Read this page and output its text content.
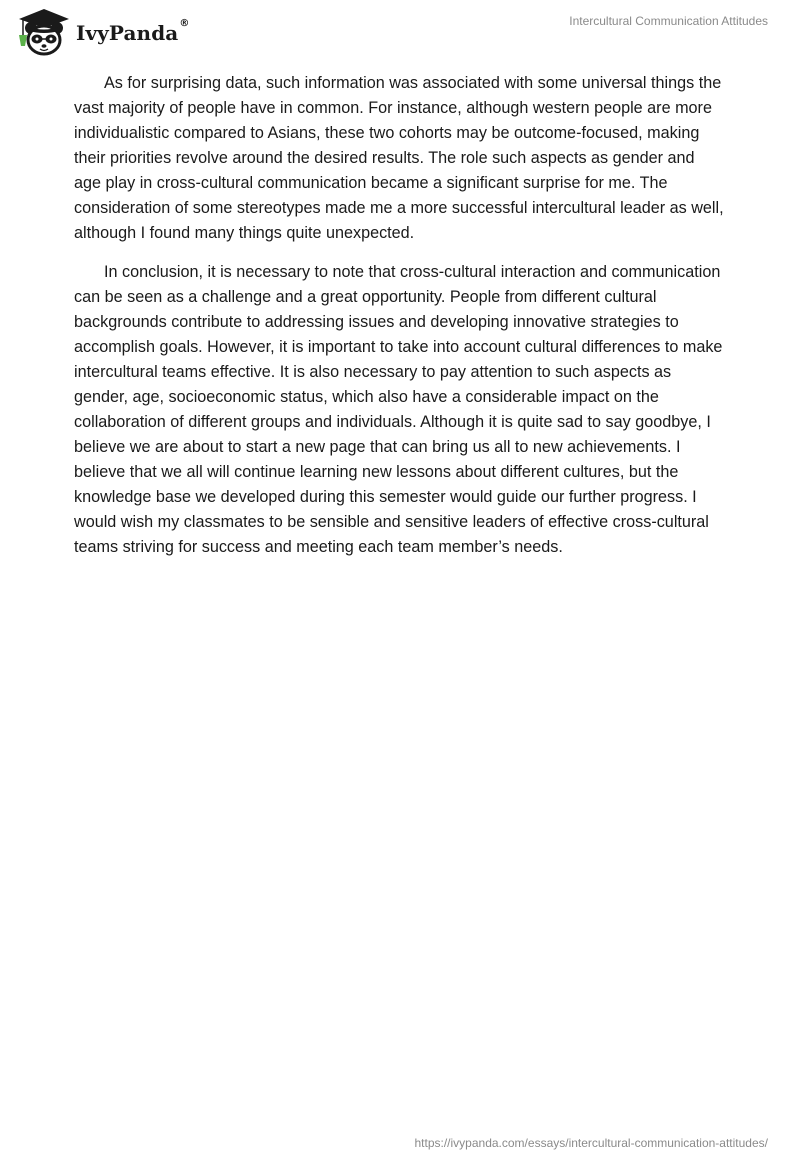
IvyPanda®	Intercultural Communication Attitudes

As for surprising data, such information was associated with some universal things the vast majority of people have in common. For instance, although western people are more individualistic compared to Asians, these two cohorts may be outcome-focused, making their priorities revolve around the desired results. The role such aspects as gender and age play in cross-cultural communication became a significant surprise for me. The consideration of some stereotypes made me a more successful intercultural leader as well, although I found many things quite unexpected.

In conclusion, it is necessary to note that cross-cultural interaction and communication can be seen as a challenge and a great opportunity. People from different cultural backgrounds contribute to addressing issues and developing innovative strategies to accomplish goals. However, it is important to take into account cultural differences to make intercultural teams effective. It is also necessary to pay attention to such aspects as gender, age, socioeconomic status, which also have a considerable impact on the collaboration of different groups and individuals. Although it is quite sad to say goodbye, I believe we are about to start a new page that can bring us all to new achievements. I believe that we all will continue learning new lessons about different cultures, but the knowledge base we developed during this semester would guide our further progress. I would wish my classmates to be sensible and sensitive leaders of effective cross-cultural teams striving for success and meeting each team member’s needs.

https://ivypanda.com/essays/intercultural-communication-attitudes/
